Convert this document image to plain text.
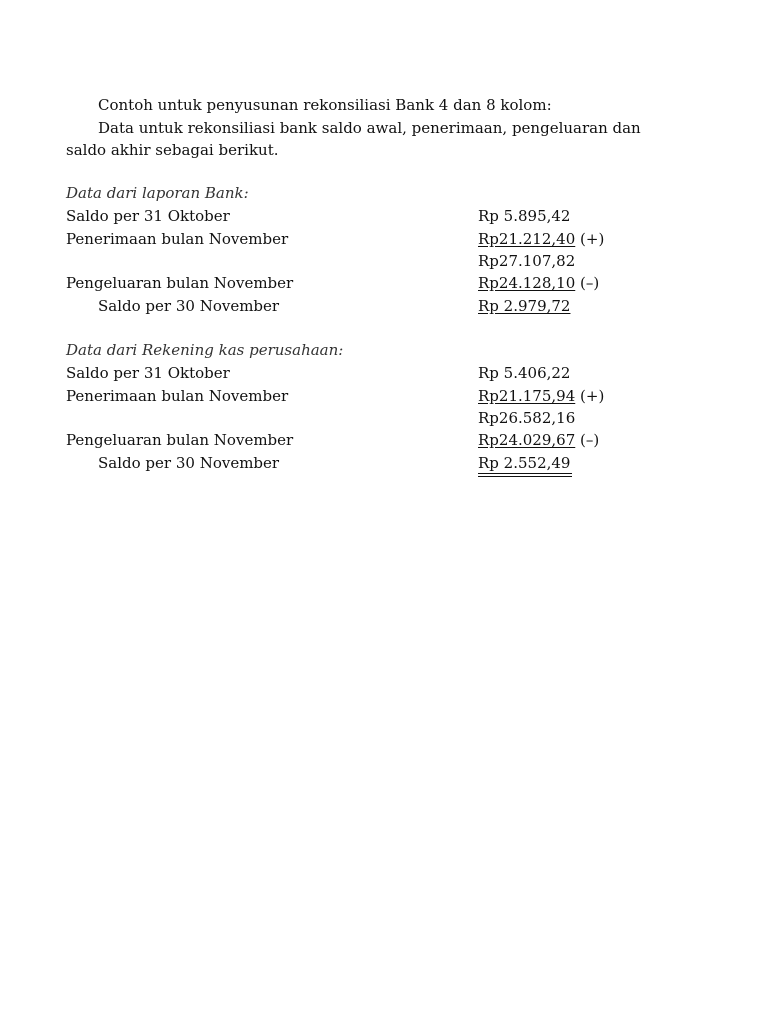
Contoh untuk penyusunan rekonsiliasi Bank 4 dan 8 kolom:
Data untuk rekonsiliasi bank saldo awal, penerimaan, pengeluaran dan
saldo akhir sebagai berikut.
Data dari laporan Bank:
Saldo per 31 Oktober	Rp 5.895,42
Penerimaan bulan November	Rp21.212,40 (+)
Rp27.107,82
Pengeluaran bulan November	Rp24.128,10 (–)
Saldo per 30 November	Rp 2.979,72
Data dari Rekening kas perusahaan:
Saldo per 31 Oktober	Rp 5.406,22
Penerimaan bulan November	Rp21.175,94 (+)
Rp26.582,16
Pengeluaran bulan November	Rp24.029,67 (–)
Saldo per 30 November	Rp 2.552,49
